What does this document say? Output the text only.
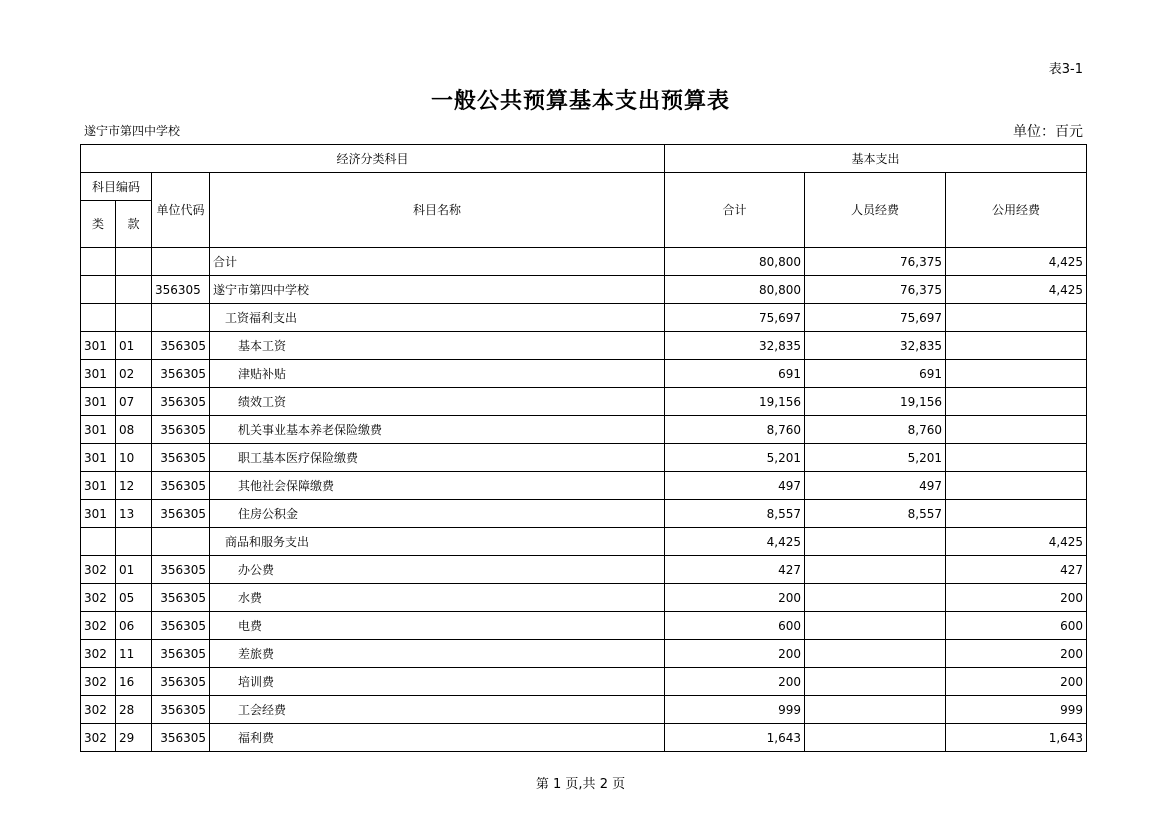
表3-1
一般公共预算基本支出预算表
遂宁市第四中学校	单位：百元
经济分类科目				基本支出		
科目编码		单位代码	科目名称	合计	人员经费	公用经费
类	款					
			合计	80,800	76,375	4,425
		356305	遂宁市第四中学校	80,800	76,375	4,425
			工资福利支出	75,697	75,697	
301	01	356305	基本工资	32,835	32,835	
301	02	356305	津贴补贴	691	691	
301	07	356305	绩效工资	19,156	19,156	
301	08	356305	机关事业基本养老保险缴费	8,760	8,760	
301	10	356305	职工基本医疗保险缴费	5,201	5,201	
301	12	356305	其他社会保障缴费	497	497	
301	13	356305	住房公积金	8,557	8,557	
			商品和服务支出	4,425		4,425
302	01	356305	办公费	427		427
302	05	356305	水费	200		200
302	06	356305	电费	600		600
302	11	356305	差旅费	200		200
302	16	356305	培训费	200		200
302	28	356305	工会经费	999		999
302	29	356305	福利费	1,643		1,643
第 1 页,共 2 页
